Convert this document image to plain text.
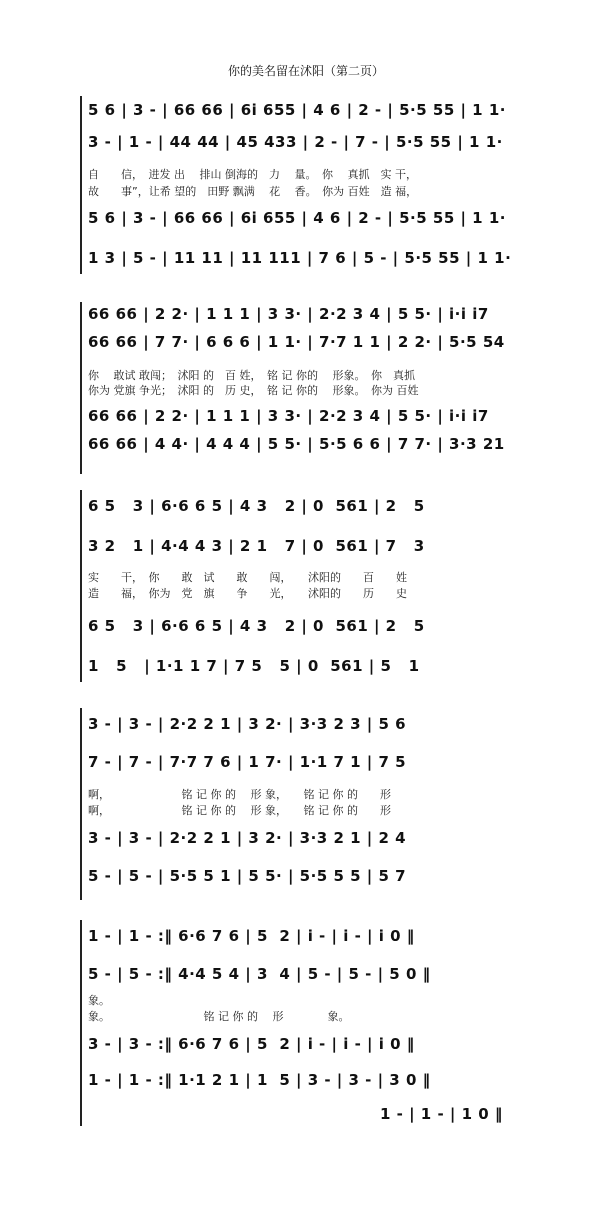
你的美名留在沭阳（第二页）
5 6 | 3 - | 66 66 | 6i 655 | 4 6 | 2 - | 5·5 55 | 1 1·
3 - | 1 - | 44 44 | 45 433 | 2 - | 7 - | 5·5 55 | 1 1·
自　　信，　进发 出　 排山 倒海的　力　 量。　你　 真抓　实 干，
故　　事”，让希 望的　田野 飘满　 花　 香。　你为 百姓　造 福，
5 6 | 3 - | 66 66 | 6i 655 | 4 6 | 2 - | 5·5 55 | 1 1·
1 3 | 5 - | 11 11 | 11 111 | 7 6 | 5 - | 5·5 55 | 1 1·
66 66 | 2 2· | 1 1 1 | 3 3· | 2·2 3 4 | 5 5· | i·i i7
66 66 | 7 7· | 6 6 6 | 1 1· | 7·7 1 1 | 2 2· | 5·5 54
你　 敢试 敢闯；　沭阳 的　百 姓，　铭 记 你的　 形象。　你　真抓
你为 党旗 争光；　沭阳 的　历 史，　铭 记 你的　 形象。　你为 百姓
66 66 | 2 2· | 1 1 1 | 3 3· | 2·2 3 4 | 5 5· | i·i i7
66 66 | 4 4· | 4 4 4 | 5 5· | 5·5 6 6 | 7 7· | 3·3 21
6 5   3 | 6·6 6 5 | 4 3   2 | 0  561 | 2   5
3 2   1 | 4·4 4 3 | 2 1   7 | 0  561 | 7   3
实　　干，　你　　敢　试　　敢　　闯，　　沭阳的　　百　　姓
造　　福，　你为　党　旗　　争　　光，　　沭阳的　　历　　史
6 5   3 | 6·6 6 5 | 4 3   2 | 0  561 | 2   5
1   5   | 1·1 1 7 | 7 5   5 | 0  561 | 5   1
3 - | 3 - | 2·2 2 1 | 3 2· | 3·3 2 3 | 5 6
7 - | 7 - | 7·7 7 6 | 1 7· | 1·1 7 1 | 7 5
啊，　　　　　　　铭 记 你 的　 形 象，　　铭 记 你 的　　形
啊，　　　　　　　铭 记 你 的　 形 象，　　铭 记 你 的　　形
3 - | 3 - | 2·2 2 1 | 3 2· | 3·3 2 1 | 2 4
5 - | 5 - | 5·5 5 1 | 5 5· | 5·5 5 5 | 5 7
1 - | 1 - :‖ 6·6 7 6 | 5  2 | i - | i - | i 0 ‖
5 - | 5 - :‖ 4·4 5 4 | 3  4 | 5 - | 5 - | 5 0 ‖
象。
象。　　　　　　　　　铭 记 你 的　 形　　　　象。
3 - | 3 - :‖ 6·6 7 6 | 5  2 | i - | i - | i 0 ‖
1 - | 1 - :‖ 1·1 2 1 | 1  5 | 3 - | 3 - | 3 0 ‖
1 - | 1 - | 1 0 ‖
